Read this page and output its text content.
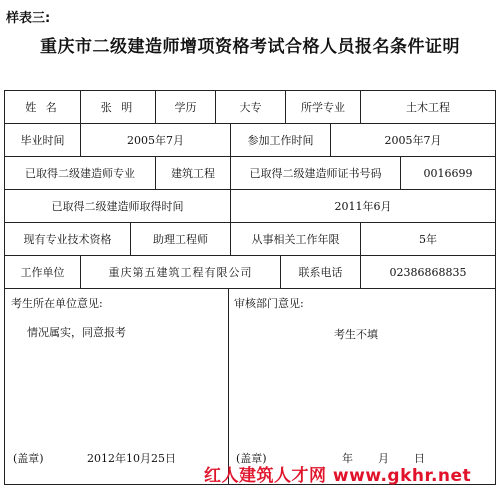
样表三:
重庆市二级建造师增项资格考试合格人员报名条件证明
姓 名	张 明	学历	大专	所学专业	土木工程
毕业时间	2005年7月	参加工作时间	2005年7月
已取得二级建造师专业	建筑工程	已取得二级建造师证书号码	0016699
已取得二级建造师取得时间	2011年6月
现有专业技术资格	助理工程师	从事相关工作年限	5年
工作单位	重庆第五建筑工程有限公司	联系电话	02386868835
考生所在单位意见:
情况属实，同意报考
(盖章)	2012年10月25日
审核部门意见:
考生不填
(盖章)	年 月 日
红人建筑人才网 www.gkhr.net
